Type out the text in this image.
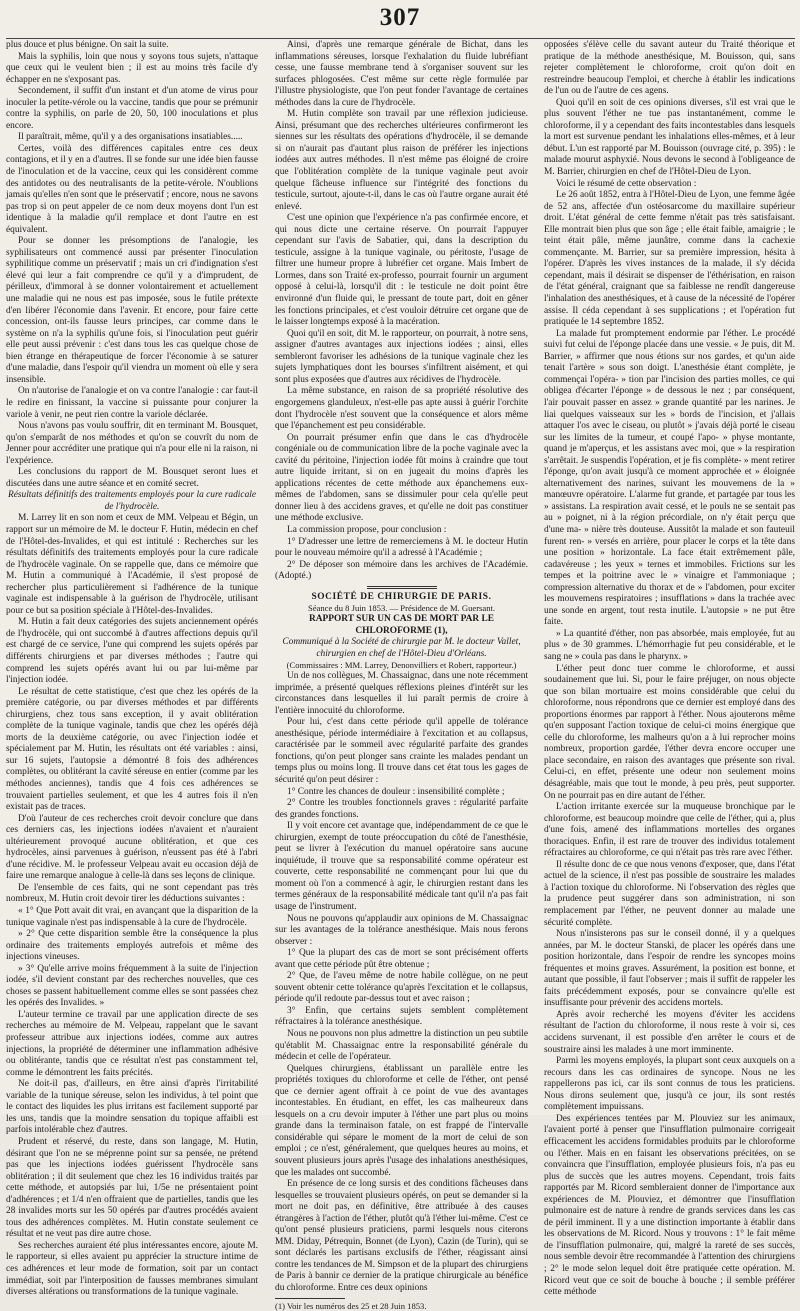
307

plus douce et plus bénigne. On sait la suite.

Mais la syphilis, loin que nous y soyons tous sujets, n'attaque que ceux qui le veulent bien ; il est au moins très facile d'y échapper en ne s'exposant pas.

Secondement, il suffit d'un instant et d'un atome de virus pour inoculer la petite-vérole ou la vaccine, tandis que pour se prémunir contre la syphilis, on parle de 20, 50, 100 inoculations et plus encore.

Il paraîtrait, même, qu'il y a des organisations insatiables.....

Certes, voilà des différences capitales entre ces deux contagions, et il y en a d'autres. Il se fonde sur une idée bien fausse de l'inoculation et de la vaccine, ceux qui les considèrent comme des antidotes ou des neutralisants de la petite-vérole. N'oublions jamais qu'elles n'en sont que le préservatif ; encore, nous ne savons pas trop si on peut appeler de ce nom deux moyens dont l'un est identique à la maladie qu'il remplace et dont l'autre en est équivalent.

Pour se donner les présomptions de l'analogie, les syphilisateurs ont commencé aussi par présenter l'inoculation syphilitique comme un préservatif ; mais un cri d'indignation s'est élevé qui leur a fait comprendre ce qu'il y a d'imprudent, de périlleux, d'immoral à se donner volontairement et actuellement une maladie qui ne nous est pas imposée, sous le futile prétexte d'en libérer l'économie dans l'avenir. Et encore, pour faire cette concession, ont-ils fausse leurs principes, car comme dans le système on n'a la syphilis qu'une fois, si l'inoculation peut guérir elle peut aussi prévenir : c'est dans tous les cas quelque chose de bien étrange en thérapeutique de forcer l'économie à se saturer d'une maladie, dans l'espoir qu'il viendra un moment où elle y sera insensible.

On n'autorise de l'analogie et on va contre l'analogie : car faut-il le redire en finissant, la vaccine si puissante pour conjurer la variole à venir, ne peut rien contre la variole déclarée.

Nous n'avons pas voulu souffrir, dit en terminant M. Bousquet, qu'on s'emparât de nos méthodes et qu'on se couvrît du nom de Jenner pour accréditer une pratique qui n'a pour elle ni la raison, ni l'expérience.

Les conclusions du rapport de M. Bousquet seront lues et discutées dans une autre séance et en comité secret.

Résultats définitifs des traitements employés pour la cure radicale de l'hydrocèle.

M. Larrey lit en son nom et ceux de MM. Velpeau et Bégin, un rapport sur un mémoire de M. le docteur F. Hutin, médecin en chef de l'Hôtel-des-Invalides, et qui est intitulé : Recherches sur les résultats définitifs des traitements employés pour la cure radicale de l'hydrocèle vaginale. On se rappelle que, dans ce mémoire que M. Hutin a communiqué à l'Académie, il s'est proposé de rechercher plus particulièrement si l'adhérence de la tunique vaginale est indispensable à la guérison de l'hydrocèle, utilisant pour ce but sa position spéciale à l'Hôtel-des-Invalides.

M. Hutin a fait deux catégories des sujets anciennement opérés de l'hydrocèle, qui ont succombé à d'autres affections depuis qu'il est chargé de ce service, l'une qui comprend les sujets opérés par différents chirurgiens et par diverses méthodes ; l'autre qui comprend les sujets opérés avant lui ou par lui-même par l'injection iodée.

Le résultat de cette statistique, c'est que chez les opérés de la première catégorie, ou par diverses méthodes et par différents chirurgiens, chez tous sans exception, il y avait oblitération complète de la tunique vaginale, tandis que chez les opérés déjà morts de la deuxième catégorie, ou avec l'injection iodée et spécialement par M. Hutin, les résultats ont été variables : ainsi, sur 16 sujets, l'autopsie a démontré 8 fois des adhérences complètes, ou oblitérant la cavité séreuse en entier (comme par les méthodes anciennes), tandis que 4 fois ces adhérences se trouvaient partielles seulement, et que les 4 autres fois il n'en existait pas de traces.

D'où l'auteur de ces recherches croit devoir conclure que dans ces derniers cas, les injections iodées n'avaient et n'auraient ultérieurement provoqué aucune oblitération, et que ces hydrocèles, ainsi parvenues à guérison, n'eussent pas été à l'abri d'une récidive. M. le professeur Velpeau avait eu occasion déjà de faire une remarque analogue à celle-là dans ses leçons de clinique.

De l'ensemble de ces faits, qui ne sont cependant pas très nombreux, M. Hutin croit devoir tirer les déductions suivantes :

« 1° Que Pott avait dit vrai, en avançant que la disparition de la tunique vaginale n'est pas indispensable à la cure de l'hydrocèle.

» 2° Que cette disparition semble être la conséquence la plus ordinaire des traitements employés autrefois et même des injections vineuses.

» 3° Qu'elle arrive moins fréquemment à la suite de l'injection iodée, s'il devient constant par des recherches nouvelles, que ces choses se passent habituellement comme elles se sont passées chez les opérés des Invalides. »

L'auteur termine ce travail par une application directe de ses recherches au mémoire de M. Velpeau, rappelant que le savant professeur attribue aux injections iodées, comme aux autres injections, la propriété de déterminer une inflammation adhésive ou oblitérante, tandis que ce résultat n'est pas constamment tel, comme le démontrent les faits précités.

Ne doit-il pas, d'ailleurs, en être ainsi d'après l'irritabilité variable de la tunique séreuse, selon les individus, à tel point que le contact des liquides les plus irritans est facilement supporté par les uns, tandis que la moindre sensation du topique affaibli est parfois intolérable chez d'autres.

Prudent et réservé, du reste, dans son langage, M. Hutin, désirant que l'on ne se méprenne point sur sa pensée, ne prétend pas que les injections iodées guérissent l'hydrocèle sans oblitération ; il dit seulement que chez les 16 individus traités par cette méthode, et autopsiés par lui, 1/5e ne présentaient point d'adhérences ; et 1/4 n'en offraient que de partielles, tandis que les 28 invalides morts sur les 50 opérés par d'autres procédés avaient tous des adhérences complètes. M. Hutin constate seulement ce résultat et ne veut pas dire autre chose.

Ses recherches auraient été plus intéressantes encore, ajoute M. le rapporteur, si elles avaient pu apprécier la structure intime de ces adhérences et leur mode de formation, soit par un contact immédiat, soit par l'interposition de fausses membranes simulant diverses altérations ou transformations de la tunique vaginale.

Ainsi, d'après une remarque générale de Bichat, dans les inflammations séreuses, lorsque l'exhalation du fluide lubréfiant cesse, une fausse membrane tend à s'organiser souvent sur les surfaces phlogosées. C'est même sur cette règle formulée par l'illustre physiologiste, que l'on peut fonder l'avantage de certaines méthodes dans la cure de l'hydrocèle.

M. Hutin complète son travail par une réflexion judicieuse. Ainsi, présumant que des recherches ultérieures confirmeront les siennes sur les résultats des opérations d'hydrocèle, il se demande si on n'aurait pas d'autant plus raison de préférer les injections iodées aux autres méthodes. Il n'est même pas éloigné de croire que l'oblitération complète de la tunique vaginale peut avoir quelque fâcheuse influence sur l'intégrité des fonctions du testicule, surtout, ajoute-t-il, dans le cas où l'autre organe aurait été enlevé.

C'est une opinion que l'expérience n'a pas confirmée encore, et qui nous dicte une certaine réserve. On pourrait l'appuyer cependant sur l'avis de Sabatier, qui, dans la description du testicule, assigne à la tunique vaginale, ou péritoste, l'usage de filtrer une humeur propre à lubréfier cet organe. Mais Imbert de Lormes, dans son Traité ex-professo, pourrait fournir un argument opposé à celui-là, lorsqu'il dit : le testicule ne doit point être environné d'un fluide qui, le pressant de toute part, doit en gêner les fonctions principales, et c'est vouloir détruire cet organe que de le laisser longtemps exposé à la macération.

Quoi qu'il en soit, dit M. le rapporteur, on pourrait, à notre sens, assigner d'autres avantages aux injections iodées ; ainsi, elles sembleront favoriser les adhésions de la tunique vaginale chez les sujets lymphatiques dont les bourses s'infiltrent aisément, et qui sont plus exposées que d'autres aux récidives de l'hydrocèle.

La même substance, en raison de sa propriété résolutive des engorgemens glanduleux, n'est-elle pas apte aussi à guérir l'orchite dont l'hydrocèle n'est souvent que la conséquence et alors même que l'épanchement est peu considérable.

On pourrait présumer enfin que dans le cas d'hydrocèle congéniale ou de communication libre de la poche vaginale avec la cavité du péritoine, l'injection iodée fût moins à craindre que tout autre liquide irritant, si on en jugeait du moins d'après les applications récentes de cette méthode aux épanchemens eux-mêmes de l'abdomen, sans se dissimuler pour cela qu'elle peut donner lieu à des accidens graves, et qu'elle ne doit pas constituer une méthode exclusive.

La commission propose, pour conclusion :

1° D'adresser une lettre de remerciemens à M. le docteur Hutin pour le nouveau mémoire qu'il a adressé à l'Académie ;

2° De déposer son mémoire dans les archives de l'Académie. (Adopté.)

SOCIÉTÉ DE CHIRURGIE DE PARIS.

Séance du 8 Juin 1853. — Présidence de M. Guersant.

RAPPORT SUR UN CAS DE MORT PAR LE CHLOROFORME (1),

Communiqué à la Société de chirurgie par M. le docteur Vallet, chirurgien en chef de l'Hôtel-Dieu d'Orléans.

(Commissaires : MM. Larrey, Denonvilliers et Robert, rapporteur.)

Un de nos collègues, M. Chassaignac, dans une note récemment imprimée, a présenté quelques réflexions pleines d'intérêt sur les circonstances dans lesquelles il lui paraît permis de croire à l'entière innocuité du chloroforme.

Pour lui, c'est dans cette période qu'il appelle de tolérance anesthésique, période intermédiaire à l'excitation et au collapsus, caractérisée par le sommeil avec régularité parfaite des grandes fonctions, qu'on peut plonger sans crainte les malades pendant un temps plus ou moins long. Il trouve dans cet état tous les gages de sécurité qu'on peut désirer :

1° Contre les chances de douleur : insensibilité complète ;

2° Contre les troubles fonctionnels graves : régularité parfaite des grandes fonctions.

Il y voit encore cet avantage que, indépendamment de ce que le chirurgien, exempt de toute préoccupation du côté de l'anesthésie, peut se livrer à l'exécution du manuel opératoire sans aucune inquiétude, il trouve que sa responsabilité comme opérateur est couverte, cette responsabilité ne commençant pour lui que du moment où l'on a commencé à agir, le chirurgien restant dans les termes généraux de la responsabilité médicale tant qu'il n'a pas fait usage de l'instrument.

Nous ne pouvons qu'applaudir aux opinions de M. Chassaignac sur les avantages de la tolérance anesthésique. Mais nous ferons observer :

1° Que la plupart des cas de mort se sont précisément offerts avant que cette période pût être obtenue ;

2° Que, de l'aveu même de notre habile collègue, on ne peut souvent obtenir cette tolérance qu'après l'excitation et le collapsus, période qu'il redoute par-dessus tout et avec raison ;

3° Enfin, que certains sujets semblent complètement réfractaires à la tolérance anesthésique.

Nous ne pouvons non plus admettre la distinction un peu subtile qu'établit M. Chassaignac entre la responsabilité générale du médecin et celle de l'opérateur.

Quelques chirurgiens, établissant un parallèle entre les propriétés toxiques du chloroforme et celle de l'éther, ont pensé que ce dernier agent offrait à ce point de vue des avantages incontestables. En étudiant, en effet, les cas malheureux dans lesquels on a cru devoir imputer à l'éther une part plus ou moins grande dans la terminaison fatale, on est frappé de l'intervalle considérable qui sépare le moment de la mort de celui de son emploi ; ce n'est, généralement, que quelques heures au moins, et souvent plusieurs jours après l'usage des inhalations anesthésiques, que les malades ont succombé.

En présence de ce long sursis et des conditions fâcheuses dans lesquelles se trouvaient plusieurs opérés, on peut se demander si la mort ne doit pas, en définitive, être attribuée à des causes étrangères à l'action de l'éther, plutôt qu'à l'éther lui-même. C'est ce qu'ont pensé plusieurs praticiens, parmi lesquels nous citerons MM. Diday, Pétrequin, Bonnet (de Lyon), Cazin (de Turin), qui se sont déclarés les partisans exclusifs de l'éther, réagissant ainsi contre les tendances de M. Simpson et de la plupart des chirurgiens de Paris à bannir ce dernier de la pratique chirurgicale au bénéfice du chloroforme. Entre ces deux opinions

(1) Voir les numéros des 25 et 28 Juin 1853.

opposées s'élève celle du savant auteur du Traité théorique et pratique de la méthode anesthésique, M. Bouisson, qui, sans rejeter complètement le chloroforme, croit qu'on doit en restreindre beaucoup l'emploi, et cherche à établir les indications de l'un ou de l'autre de ces agens.

Quoi qu'il en soit de ces opinions diverses, s'il est vrai que le plus souvent l'éther ne tue pas instantanément, comme le chloroforme, il y a cependant des faits incontestables dans lesquels la mort est survenue pendant les inhalations elles-mêmes, et à leur début. L'un est rapporté par M. Bouisson (ouvrage cité, p. 395) : le malade mourut asphyxié. Nous devons le second à l'obligeance de M. Barrier, chirurgien en chef de l'Hôtel-Dieu de Lyon.

Voici le résumé de cette observation :

Le 26 août 1852, entra à l'Hôtel-Dieu de Lyon, une femme âgée de 52 ans, affectée d'un ostéosarcome du maxillaire supérieur droit. L'état général de cette femme n'était pas très satisfaisant. Elle montrait bien plus que son âge ; elle était faible, amaigrie ; le teint était pâle, même jaunâtre, comme dans la cachexie commençante. M. Barrier, sur sa première impression, hésita à l'opérer. D'après les vives instances de la malade, il s'y décida cependant, mais il désirait se dispenser de l'éthérisation, en raison de l'état général, craignant que sa faiblesse ne rendît dangereuse l'inhalation des anesthésiques, et à cause de la nécessité de l'opérer assise. Il céda cependant à ses supplications ; et l'opération fut pratiquée le 14 septembre 1852.

La malade fut promptement endormie par l'éther. Le procédé suivi fut celui de l'éponge placée dans une vessie. « Je puis, dit M. Barrier, » affirmer que nous étions sur nos gardes, et qu'un aide tenait l'artère » sous son doigt. L'anesthésie étant complète, je commençai l'opéra- » tion par l'incision des parties molles, ce qui obligea d'écarter l'éponge » de dessous le nez ; par conséquent, l'air pouvait passer en assez » grande quantité par les narines. Je liai quelques vaisseaux sur les » bords de l'incision, et j'allais attaquer l'os avec le ciseau, ou plutôt » j'avais déjà porté le ciseau sur les limites de la tumeur, et coupé l'apo- » physe montante, quand je m'aperçus, et les assistans avec moi, que » la respiration s'arrêtait. Je suspendis l'opération, et je fis complète- » ment retirer l'éponge, qu'on avait jusqu'à ce moment approchée et » éloignée alternativement des narines, suivant les mouvemens de la » manœuvre opératoire. L'alarme fut grande, et partagée par tous les » assistans. La respiration avait cessé, et le pouls ne se sentait pas au » poignet, ni à la région précordiale, on n'y était perçu que d'une ma- » nière très douteuse. Aussitôt la malade et son fauteuil furent ren- » versés en arrière, pour placer le corps et la tête dans une position » horizontale. La face était extrêmement pâle, cadavéreuse ; les yeux » ternes et immobiles. Frictions sur les tempes et la poitrine avec le » vinaigre et l'ammoniaque ; compression alternative du thorax et de » l'abdomen, pour exciter les mouvemens respiratoires ; insufflations » dans la trachée avec une sonde en argent, tout resta inutile. L'autopsie » ne put être faite.

» La quantité d'éther, non pas absorbée, mais employée, fut au plus » de 30 grammes. L'hémorrhagie fut peu considérable, et le sang ne » coula pas dans le pharynx. »

L'éther peut donc tuer comme le chloroforme, et aussi soudainement que lui. Si, pour le faire préjuger, on nous objecte que son bilan mortuaire est moins considérable que celui du chloroforme, nous répondrons que ce dernier est employé dans des proportions énormes par rapport à l'éther. Nous ajouterons même qu'en supposant l'action toxique de celui-ci moins énergique que celle du chloroforme, les malheurs qu'on a à lui reprocher moins nombreux, proportion gardée, l'éther devra encore occuper une place secondaire, en raison des avantages que présente son rival. Celui-ci, en effet, présente une odeur non seulement moins désagréable, mais que tout le monde, à peu près, peut supporter. On ne pourrait pas en dire autant de l'éther.

L'action irritante exercée sur la muqueuse bronchique par le chloroforme, est beaucoup moindre que celle de l'éther, qui a, plus d'une fois, amené des inflammations mortelles des organes thoraciques. Enfin, il est rare de trouver des individus totalement réfractaires au chloroforme, ce qui n'était pas très rare avec l'éther.

Il résulte donc de ce que nous venons d'exposer, que, dans l'état actuel de la science, il n'est pas possible de soustraire les malades à l'action toxique du chloroforme. Ni l'observation des règles que la prudence peut suggérer dans son administration, ni son remplacement par l'éther, ne peuvent donner au malade une sécurité complète.

Nous n'insisterons pas sur le conseil donné, il y a quelques années, par M. le docteur Stanski, de placer les opérés dans une position horizontale, dans l'espoir de rendre les syncopes moins fréquentes et moins graves. Assurément, la position est bonne, et autant que possible, il faut l'observer ; mais il suffit de rappeler les faits précédemment exposés, pour se convaincre qu'elle est insuffisante pour prévenir des accidens mortels.

Après avoir recherché les moyens d'éviter les accidens résultant de l'action du chloroforme, il nous reste à voir si, ces accidens survenant, il est possible d'en arrêter le cours et de soustraire ainsi les malades à une mort imminente.

Parmi les moyens employés, la plupart sont ceux auxquels on a recours dans les cas ordinaires de syncope. Nous ne les rappellerons pas ici, car ils sont connus de tous les praticiens. Nous dirons seulement que, jusqu'à ce jour, ils sont restés complètement impuissans.

Des expériences tentées par M. Plouviez sur les animaux, l'avaient porté à penser que l'insufflation pulmonaire corrigeait efficacement les accidens formidables produits par le chloroforme ou l'éther. Mais en en faisant les observations précitées, on se convaincra que l'insufflation, employée plusieurs fois, n'a pas eu plus de succès que les autres moyens. Cependant, trois faits rapportés par M. Ricord sembleraient donner de l'importance aux expériences de M. Plouviez, et démontrer que l'insufflation pulmonaire est de nature à rendre de grands services dans les cas de péril imminent. Il y a une distinction importante à établir dans les observations de M. Ricord. Nous y trouvons : 1° le fait même de l'insufflation pulmonaire, qui, malgré la rareté de ses succès, nous semble devoir être recommandée à l'attention des chirurgiens ; 2° le mode selon lequel doit être pratiquée cette opération. M. Ricord veut que ce soit de bouche à bouche ; il semble préférer cette méthode
